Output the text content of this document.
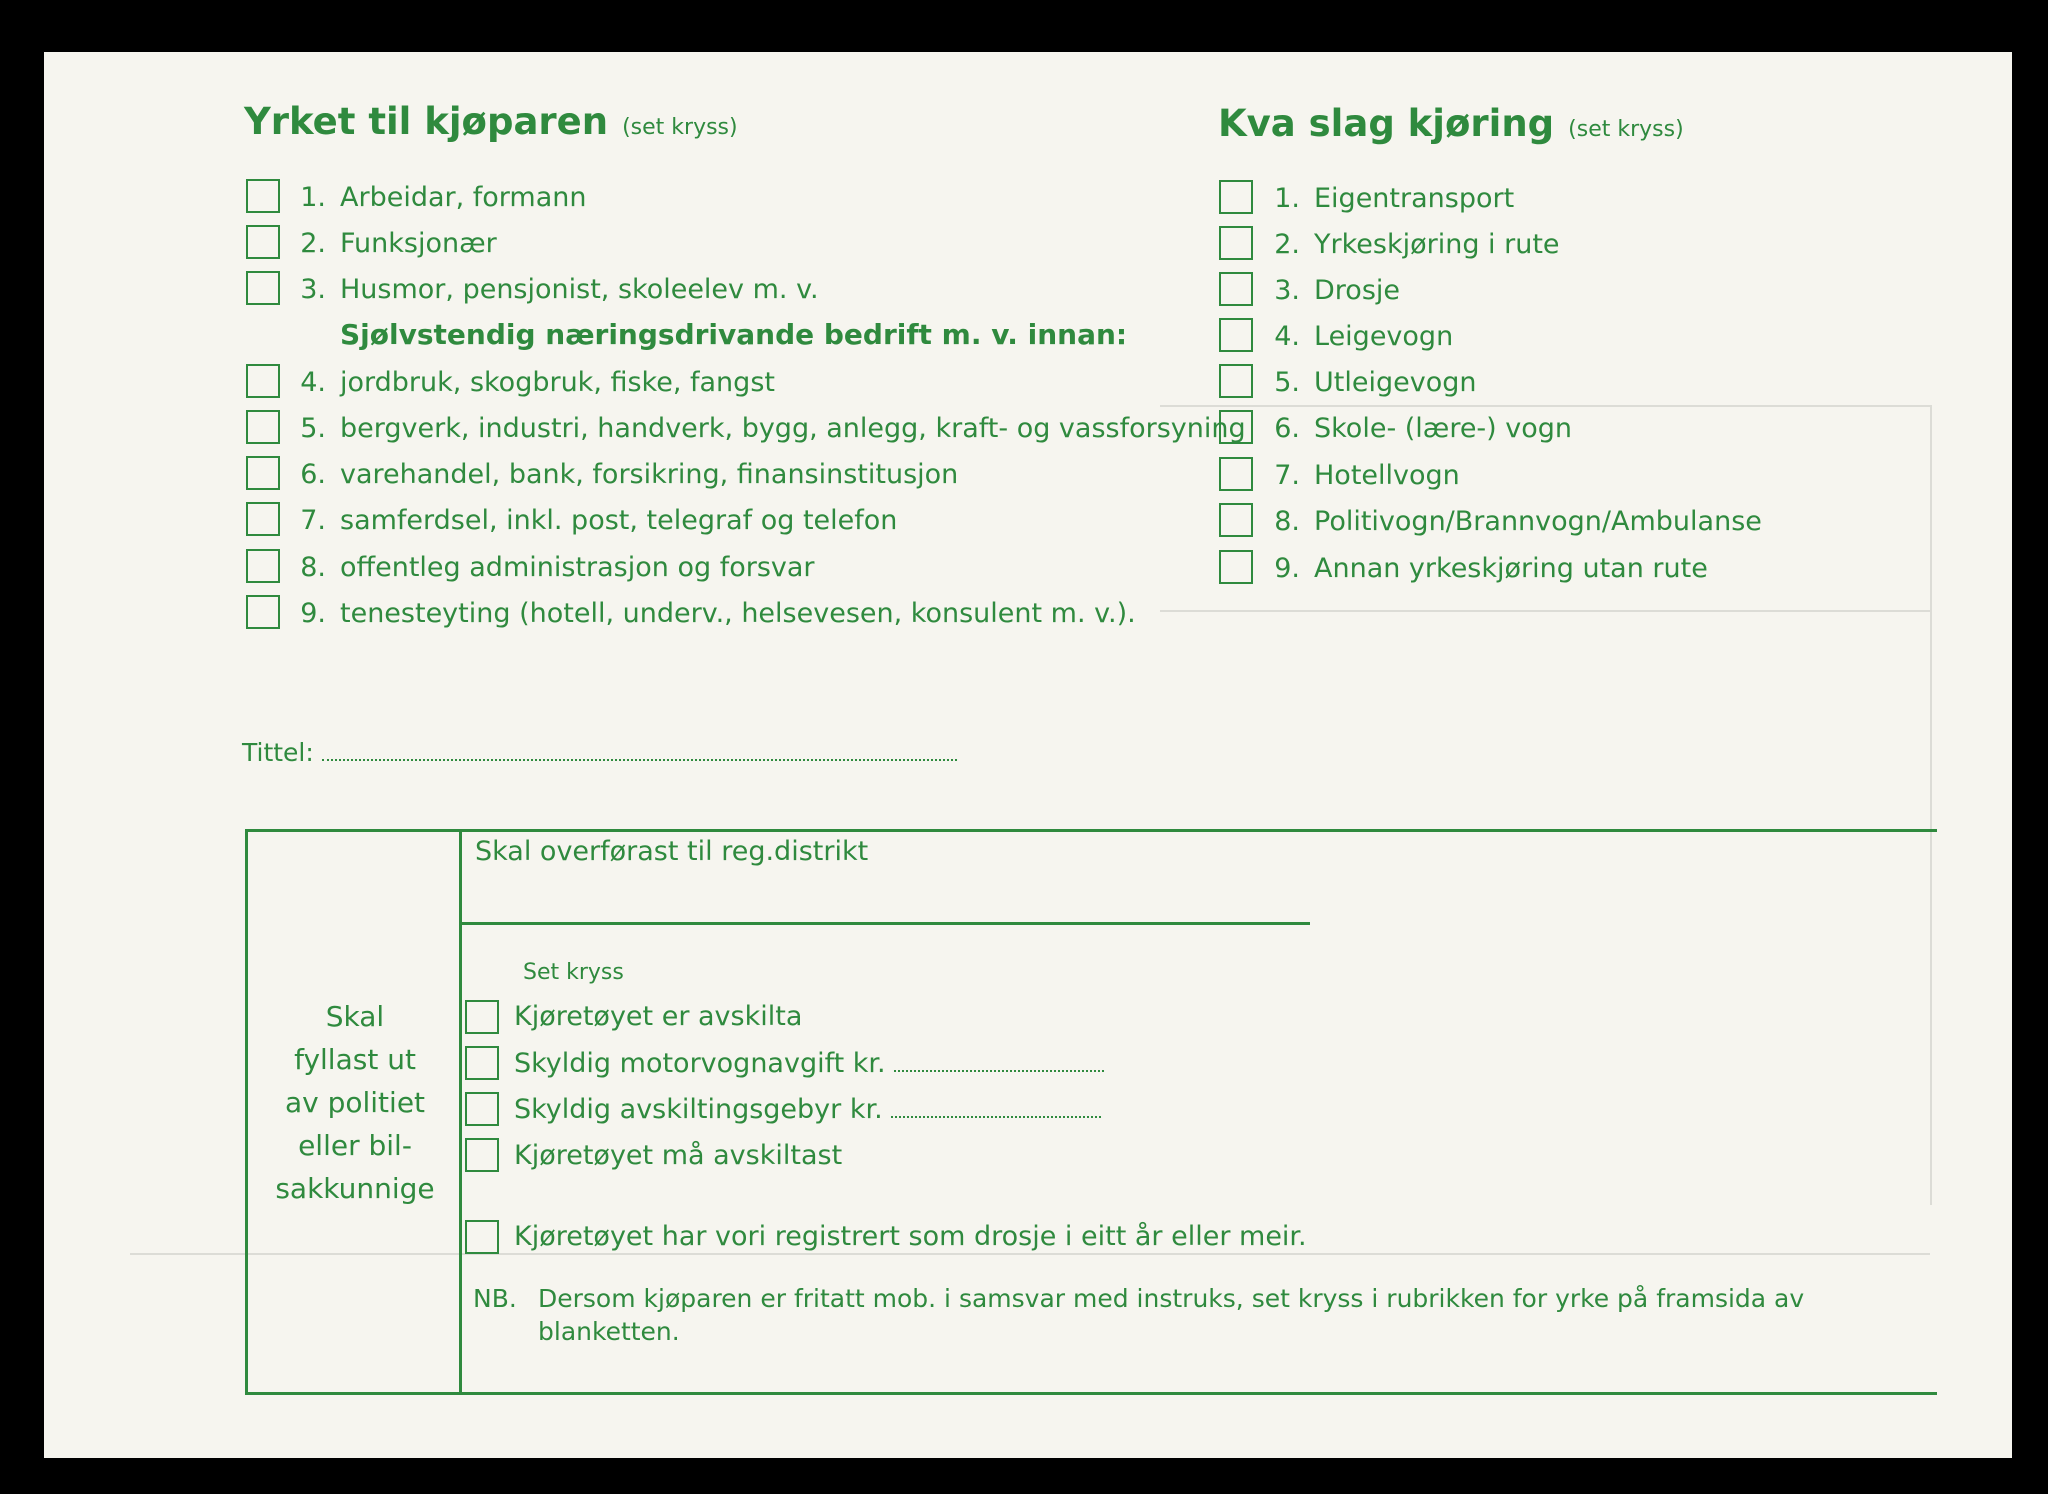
Yrket til kjøparen (set kryss)	Kva slag kjøring (set kryss)
1. Arbeidar, formann
2. Funksjonær
3. Husmor, pensjonist, skoleelev m. v.
Sjølvstendig næringsdrivande bedrift m. v. innan:
4. jordbruk, skogbruk, fiske, fangst
5. bergverk, industri, handverk, bygg, anlegg, kraft- og vassforsyning
6. varehandel, bank, forsikring, finansinstitusjon
7. samferdsel, inkl. post, telegraf og telefon
8. offentleg administrasjon og forsvar
9. tenesteyting (hotell, underv., helsevesen, konsulent m. v.).
1. Eigentransport
2. Yrkeskjøring i rute
3. Drosje
4. Leigevogn
5. Utleigevogn
6. Skole- (lære-) vogn
7. Hotellvogn
8. Politivogn/Brannvogn/Ambulanse
9. Annan yrkeskjøring utan rute
Tittel:
Skal
fyllast ut
av politiet
eller bil-
sakkunnige
Skal overførast til reg.distrikt
Set kryss
Kjøretøyet er avskilta
Skyldig motorvognavgift kr.
Skyldig avskiltingsgebyr kr.
Kjøretøyet må avskiltast
Kjøretøyet har vori registrert som drosje i eitt år eller meir.
NB. Dersom kjøparen er fritatt mob. i samsvar med instruks, set kryss i rubrikken for yrke på framsida av blanketten.
